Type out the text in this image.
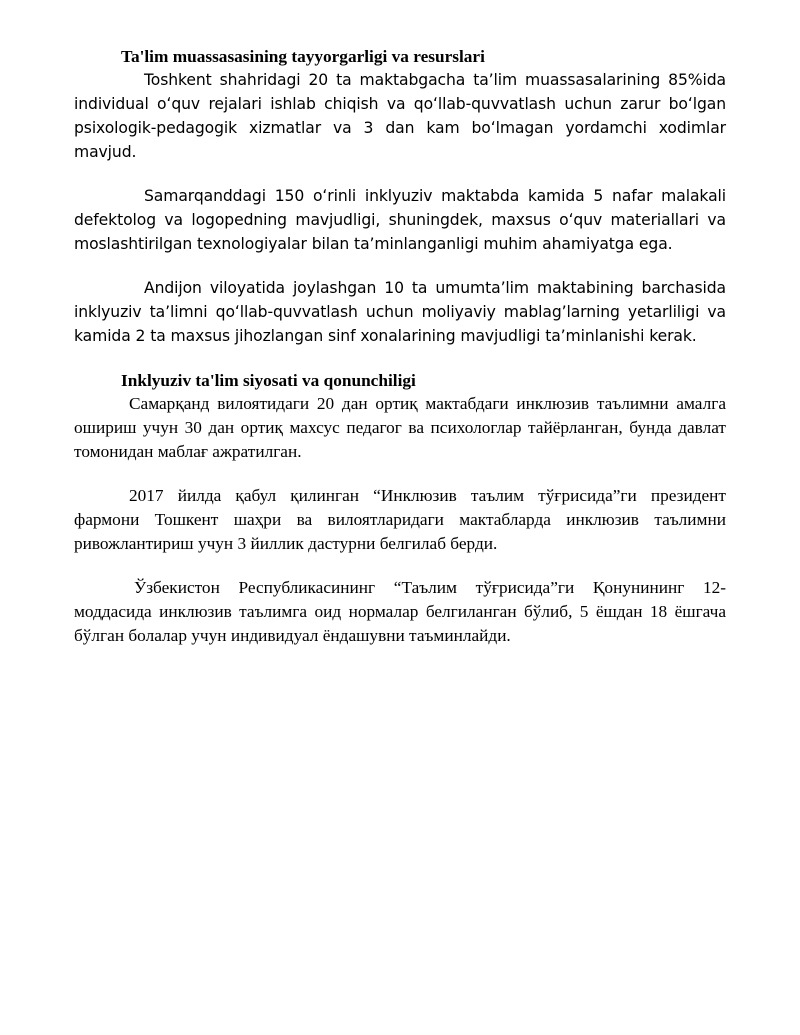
Ta'lim muassasasining tayyorgarligi va resurslari

Toshkent shahridagi 20 ta maktabgacha ta’lim muassasalarining 85%ida individual oʻquv rejalari ishlab chiqish va qoʻllab-quvvatlash uchun zarur boʻlgan psixologik-pedagogik xizmatlar va 3 dan kam boʻlmagan yordamchi xodimlar mavjud.

Samarqanddagi 150 oʻrinli inklyuziv maktabda kamida 5 nafar malakali defektolog va logopedning mavjudligi, shuningdek, maxsus oʻquv materiallari va moslashtirilgan texnologiyalar bilan ta’minlanganligi muhim ahamiyatga ega.

Andijon viloyatida joylashgan 10 ta umumta’lim maktabining barchasida inklyuziv ta’limni qoʻllab-quvvatlash uchun moliyaviy mablag’larning yetarliligi va kamida 2 ta maxsus jihozlangan sinf xonalarining mavjudligi ta’minlanishi kerak.

Inklyuziv ta'lim siyosati va qonunchiligi

Самарқанд вилоятидаги 20 дан ортиқ мактабдаги инклюзив таълимни амалга ошириш учун 30 дан ортиқ махсус педагог ва психологлар тайёрланган, бунда давлат томонидан маблағ ажратилган.

2017 йилда қабул қилинган “Инклюзив таълим тўғрисида”ги президент фармони Тошкент шаҳри ва вилоятларидаги мактабларда инклюзив таълимни ривожлантириш учун 3 йиллик дастурни белгилаб берди.

Ўзбекистон Республикасининг “Таълим тўғрисида”ги Қонунининг 12-моддасида инклюзив таълимга оид нормалар белгиланган бўлиб, 5 ёшдан 18 ёшгача бўлган болалар учун индивидуал ёндашувни таъминлайди.
